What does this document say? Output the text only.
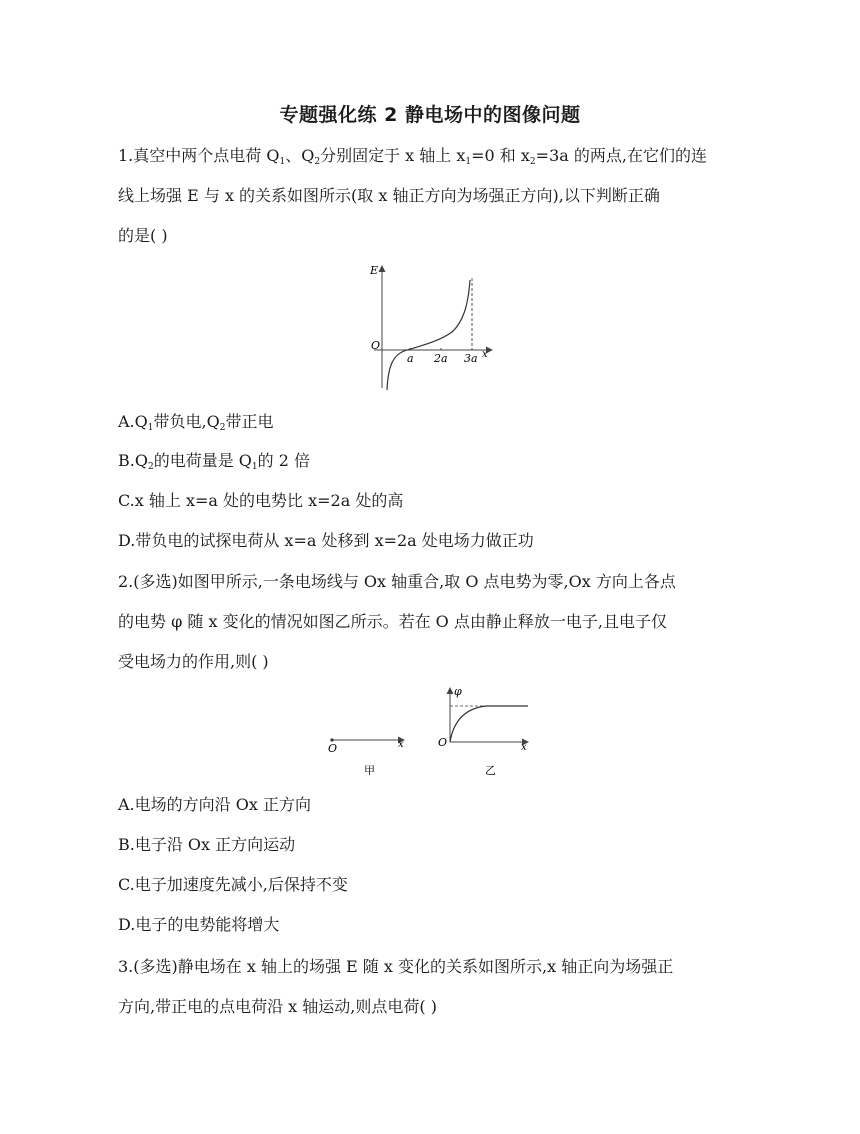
专题强化练 2 静电场中的图像问题
1.真空中两个点电荷 $Q_1$、$Q_2$分别固定于 x 轴上 $x_1=0$ 和 $x_2=3a$ 的两点,在它们的连
线上场强 E 与 x 的关系如图所示(取 x 轴正方向为场强正方向),以下判断正确
的是( )
E
O
a 2a 3a x
$A.Q_1$带负电$,Q_2$带正电
$B.Q_2$的电荷量是 $Q_1$的 2 倍
C.x 轴上 x=a 处的电势比 x=2a 处的高
D.带负电的试探电荷从 x=a 处移到 x=2a 处电场力做正功
2.(多选)如图甲所示,一条电场线与 Ox 轴重合,取 O 点电势为零,Ox 方向上各点
的电势 φ 随 x 变化的情况如图乙所示。若在 O 点由静止释放一电子,且电子仅
受电场力的作用,则( )
O	x
甲
φ
O	x
乙
A.电场的方向沿 Ox 正方向
B.电子沿 Ox 正方向运动
C.电子加速度先减小,后保持不变
D.电子的电势能将增大
3.(多选)静电场在 x 轴上的场强 E 随 x 变化的关系如图所示,x 轴正向为场强正
方向,带正电的点电荷沿 x 轴运动,则点电荷( )
